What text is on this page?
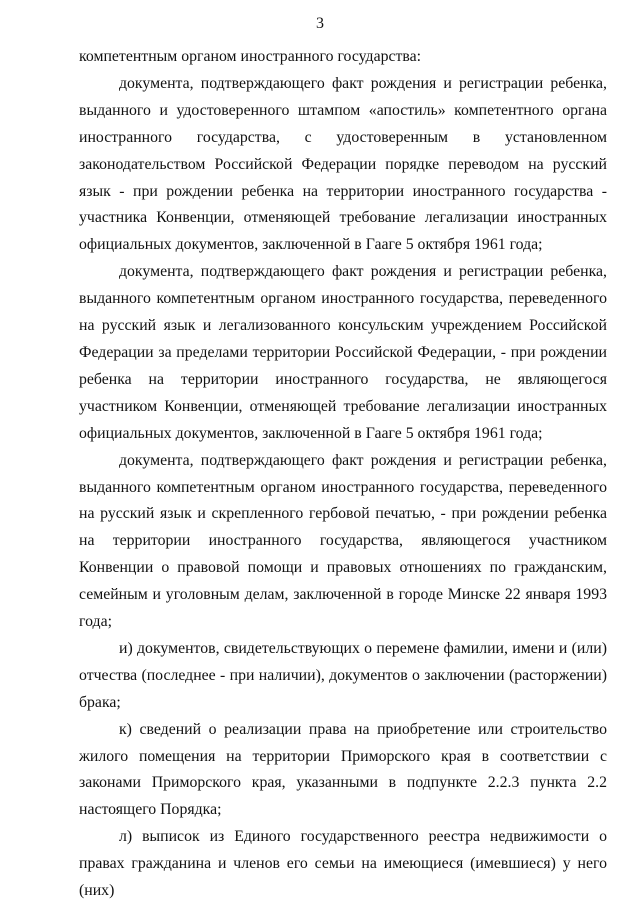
3

компетентным органом иностранного государства:

документа, подтверждающего факт рождения и регистрации ребенка, выданного и удостоверенного штампом «апостиль» компетентного органа иностранного государства, с удостоверенным в установленном законодательством Российской Федерации порядке переводом на русский язык - при рождении ребенка на территории иностранного государства - участника Конвенции, отменяющей требование легализации иностранных официальных документов, заключенной в Гааге 5 октября 1961 года;

документа, подтверждающего факт рождения и регистрации ребенка, выданного компетентным органом иностранного государства, переведенного на русский язык и легализованного консульским учреждением Российской Федерации за пределами территории Российской Федерации, - при рождении ребенка на территории иностранного государства, не являющегося участником Конвенции, отменяющей требование легализации иностранных официальных документов, заключенной в Гааге 5 октября 1961 года;

документа, подтверждающего факт рождения и регистрации ребенка, выданного компетентным органом иностранного государства, переведенного на русский язык и скрепленного гербовой печатью, - при рождении ребенка на территории иностранного государства, являющегося участником Конвенции о правовой помощи и правовых отношениях по гражданским, семейным и уголовным делам, заключенной в городе Минске 22 января 1993 года;

и) документов, свидетельствующих о перемене фамилии, имени и (или) отчества (последнее - при наличии), документов о заключении (расторжении) брака;

к) сведений о реализации права на приобретение или строительство жилого помещения на территории Приморского края в соответствии с законами Приморского края, указанными в подпункте 2.2.3 пункта 2.2 настоящего Порядка;

л) выписок из Единого государственного реестра недвижимости о правах гражданина и членов его семьи на имеющиеся (имевшиеся) у него (них)
